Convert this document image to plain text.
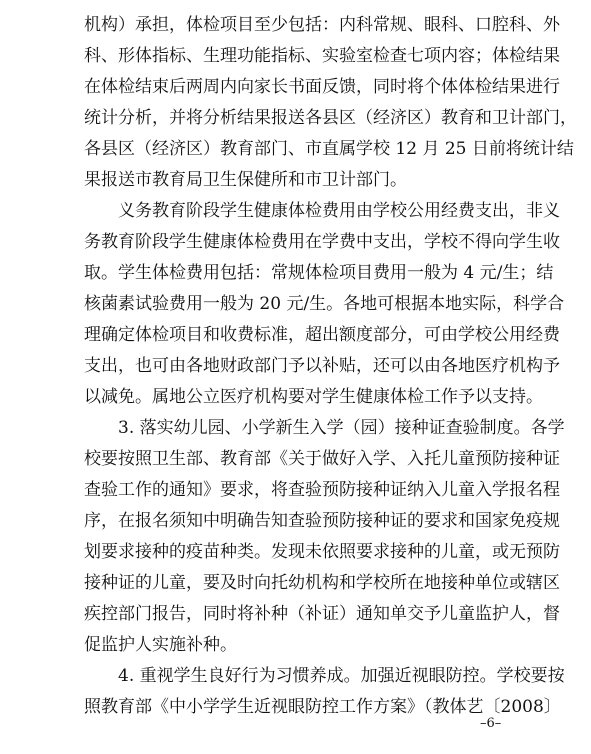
机构）承担，体检项目至少包括：内科常规、眼科、口腔科、外
科、形体指标、生理功能指标、实验室检查七项内容；体检结果
在体检结束后两周内向家长书面反馈，同时将个体体检结果进行
统计分析，并将分析结果报送各县区（经济区）教育和卫计部门，
各县区（经济区）教育部门、市直属学校 12 月 25 日前将统计结
果报送市教育局卫生保健所和市卫计部门。
义务教育阶段学生健康体检费用由学校公用经费支出，非义
务教育阶段学生健康体检费用在学费中支出，学校不得向学生收
取。学生体检费用包括：常规体检项目费用一般为 4 元/生；结
核菌素试验费用一般为 20 元/生。各地可根据本地实际，科学合
理确定体检项目和收费标准，超出额度部分，可由学校公用经费
支出，也可由各地财政部门予以补贴，还可以由各地医疗机构予
以减免。属地公立医疗机构要对学生健康体检工作予以支持。
3. 落实幼儿园、小学新生入学（园）接种证查验制度。各学
校要按照卫生部、教育部《关于做好入学、入托儿童预防接种证
查验工作的通知》要求，将查验预防接种证纳入儿童入学报名程
序，在报名须知中明确告知查验预防接种证的要求和国家免疫规
划要求接种的疫苗种类。发现未依照要求接种的儿童，或无预防
接种证的儿童，要及时向托幼机构和学校所在地接种单位或辖区
疾控部门报告，同时将补种（补证）通知单交予儿童监护人，督
促监护人实施补种。
4. 重视学生良好行为习惯养成。加强近视眼防控。学校要按
照教育部《中小学学生近视眼防控工作方案》（教体艺〔2008〕
–6–
